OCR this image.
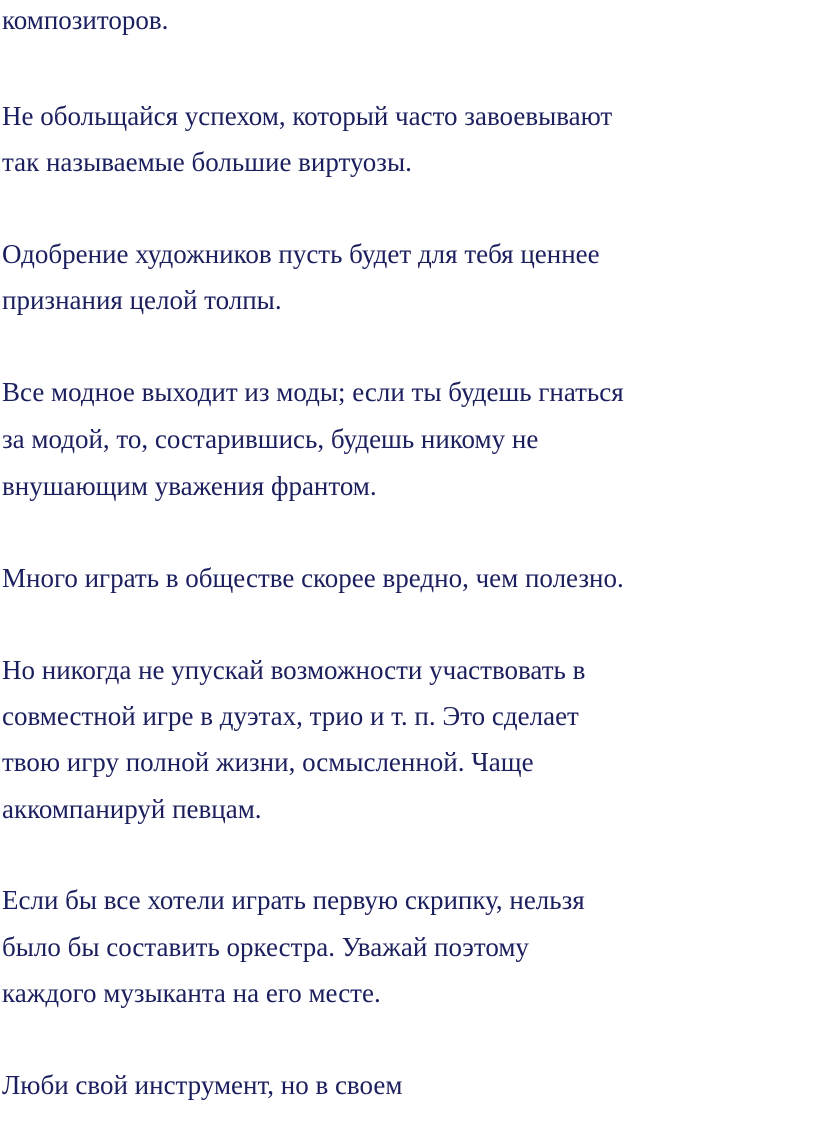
композиторов.
Не обольщайся успехом, который часто завоевывают
так называемые большие виртуозы.
Одобрение художников пусть будет для тебя ценнее
признания целой толпы.
Все модное выходит из моды; если ты будешь гнаться
за модой, то, состарившись, будешь никому не
внушающим уважения франтом.
Много играть в обществе скорее вредно, чем полезно.
Но никогда не упускай возможности участвовать в
совместной игре в дуэтах, трио и т. п. Это сделает
твою игру полной жизни, осмысленной. Чаще
аккомпанируй певцам.
Если бы все хотели играть первую скрипку, нельзя
было бы составить оркестра. Уважай поэтому
каждого музыканта на его месте.
Люби свой инструмент, но в своем
